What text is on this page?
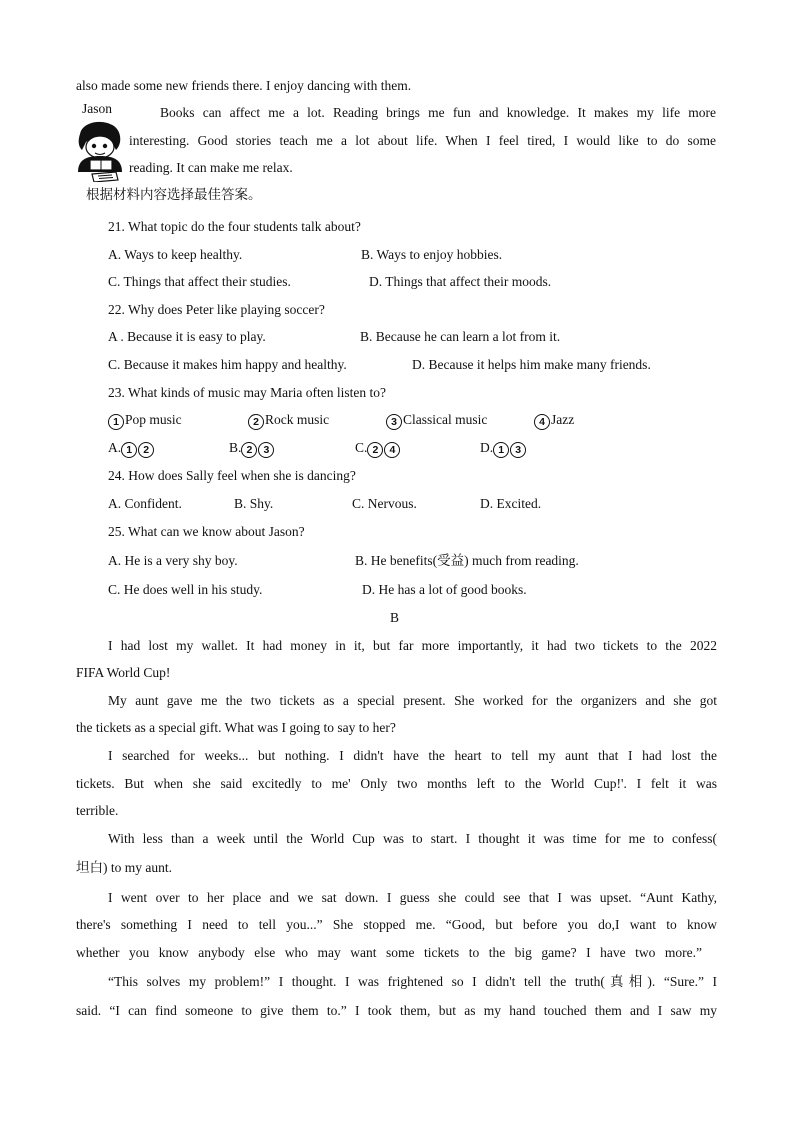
also made some new friends there. I enjoy dancing with them.
Jason	Books can affect me a lot. Reading brings me fun and knowledge. It makes my life more
interesting. Good stories teach me a lot about life. When I feel tired, I would like to do some
reading. It can make me relax.
根据材料内容选择最佳答案。
21. What topic do the four students talk about?
A. Ways to keep healthy.	B. Ways to enjoy hobbies.
C. Things that affect their studies.	D. Things that affect their moods.
22. Why does Peter like playing soccer?
A . Because it is easy to play.	B. Because he can learn a lot from it.
C. Because it makes him happy and healthy.	D. Because it helps him make many friends.
23. What kinds of music may Maria often listen to?
1 Pop music	2 Rock music	3 Classical music	4 Jazz
A. 1 2	B. 2 3	C. 2 4	D. 1 3
24. How does Sally feel when she is dancing?
A. Confident.	B. Shy.	C. Nervous.	D. Excited.
25. What can we know about Jason?
A. He is a very shy boy.	B. He benefits(受益) much from reading.
C. He does well in his study.	D. He has a lot of good books.
B
I had lost my wallet. It had money in it, but far more importantly, it had two tickets to the 2022
FIFA World Cup!
My aunt gave me the two tickets as a special present. She worked for the organizers and she got
the tickets as a special gift. What was I going to say to her?
I searched for weeks... but nothing. I didn't have the heart to tell my aunt that I had lost the
tickets. But when she said excitedly to me' Only two months left to the World Cup!'. I felt it was
terrible.
With less than a week until the World Cup was to start. I thought it was time for me to confess(
坦白) to my aunt.
I went over to her place and we sat down. I guess she could see that I was upset. “Aunt Kathy,
there's something I need to tell you...” She stopped me. “Good, but before you do,I want to know
whether you know anybody else who may want some tickets to the big game? I have two more.”
“This solves my problem!” I thought. I was frightened so I didn't tell the truth(真相). “Sure.” I
said. “I can find someone to give them to.” I took them, but as my hand touched them and I saw my
